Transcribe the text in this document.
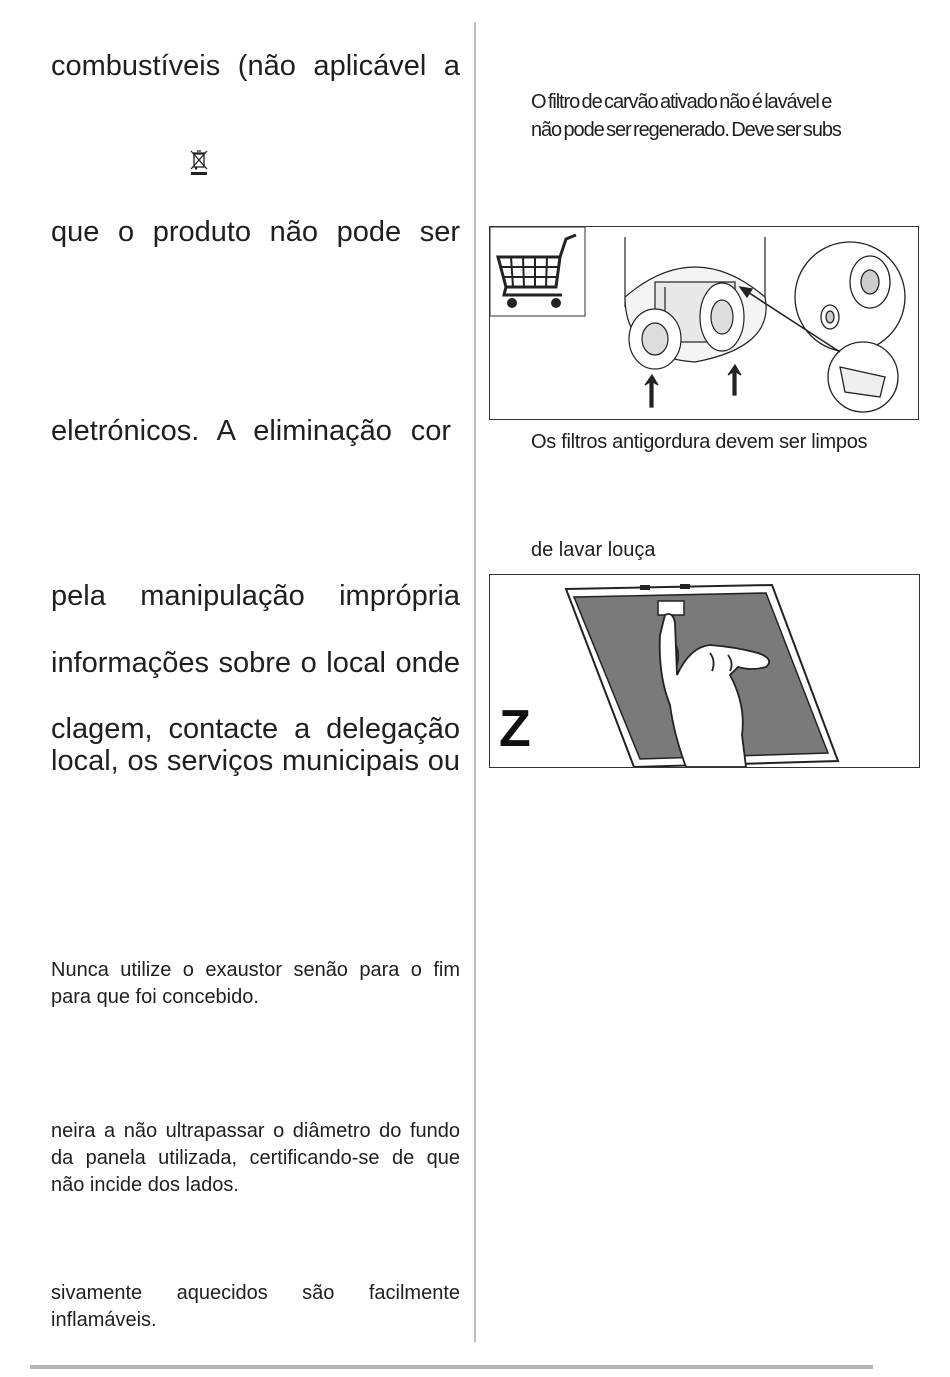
combustíveis (não aplicável a

que o produto não pode ser

eletrónicos. A eliminação cor

pela manipulação imprópria

informações sobre o local onde

clagem, contacte a delegação

local, os serviços municipais ou

Nunca utilize o exaustor senão para o fim para que foi concebido.

neira a não ultrapassar o diâmetro do fundo da panela utilizada, certificando-se de que não incide dos lados.

sivamente aquecidos são facilmente inflamáveis.

O filtro de carvão ativado não é lavável e

não pode ser regenerado. Deve ser subs

Os filtros antigordura devem ser limpos

de lavar louça

Z
